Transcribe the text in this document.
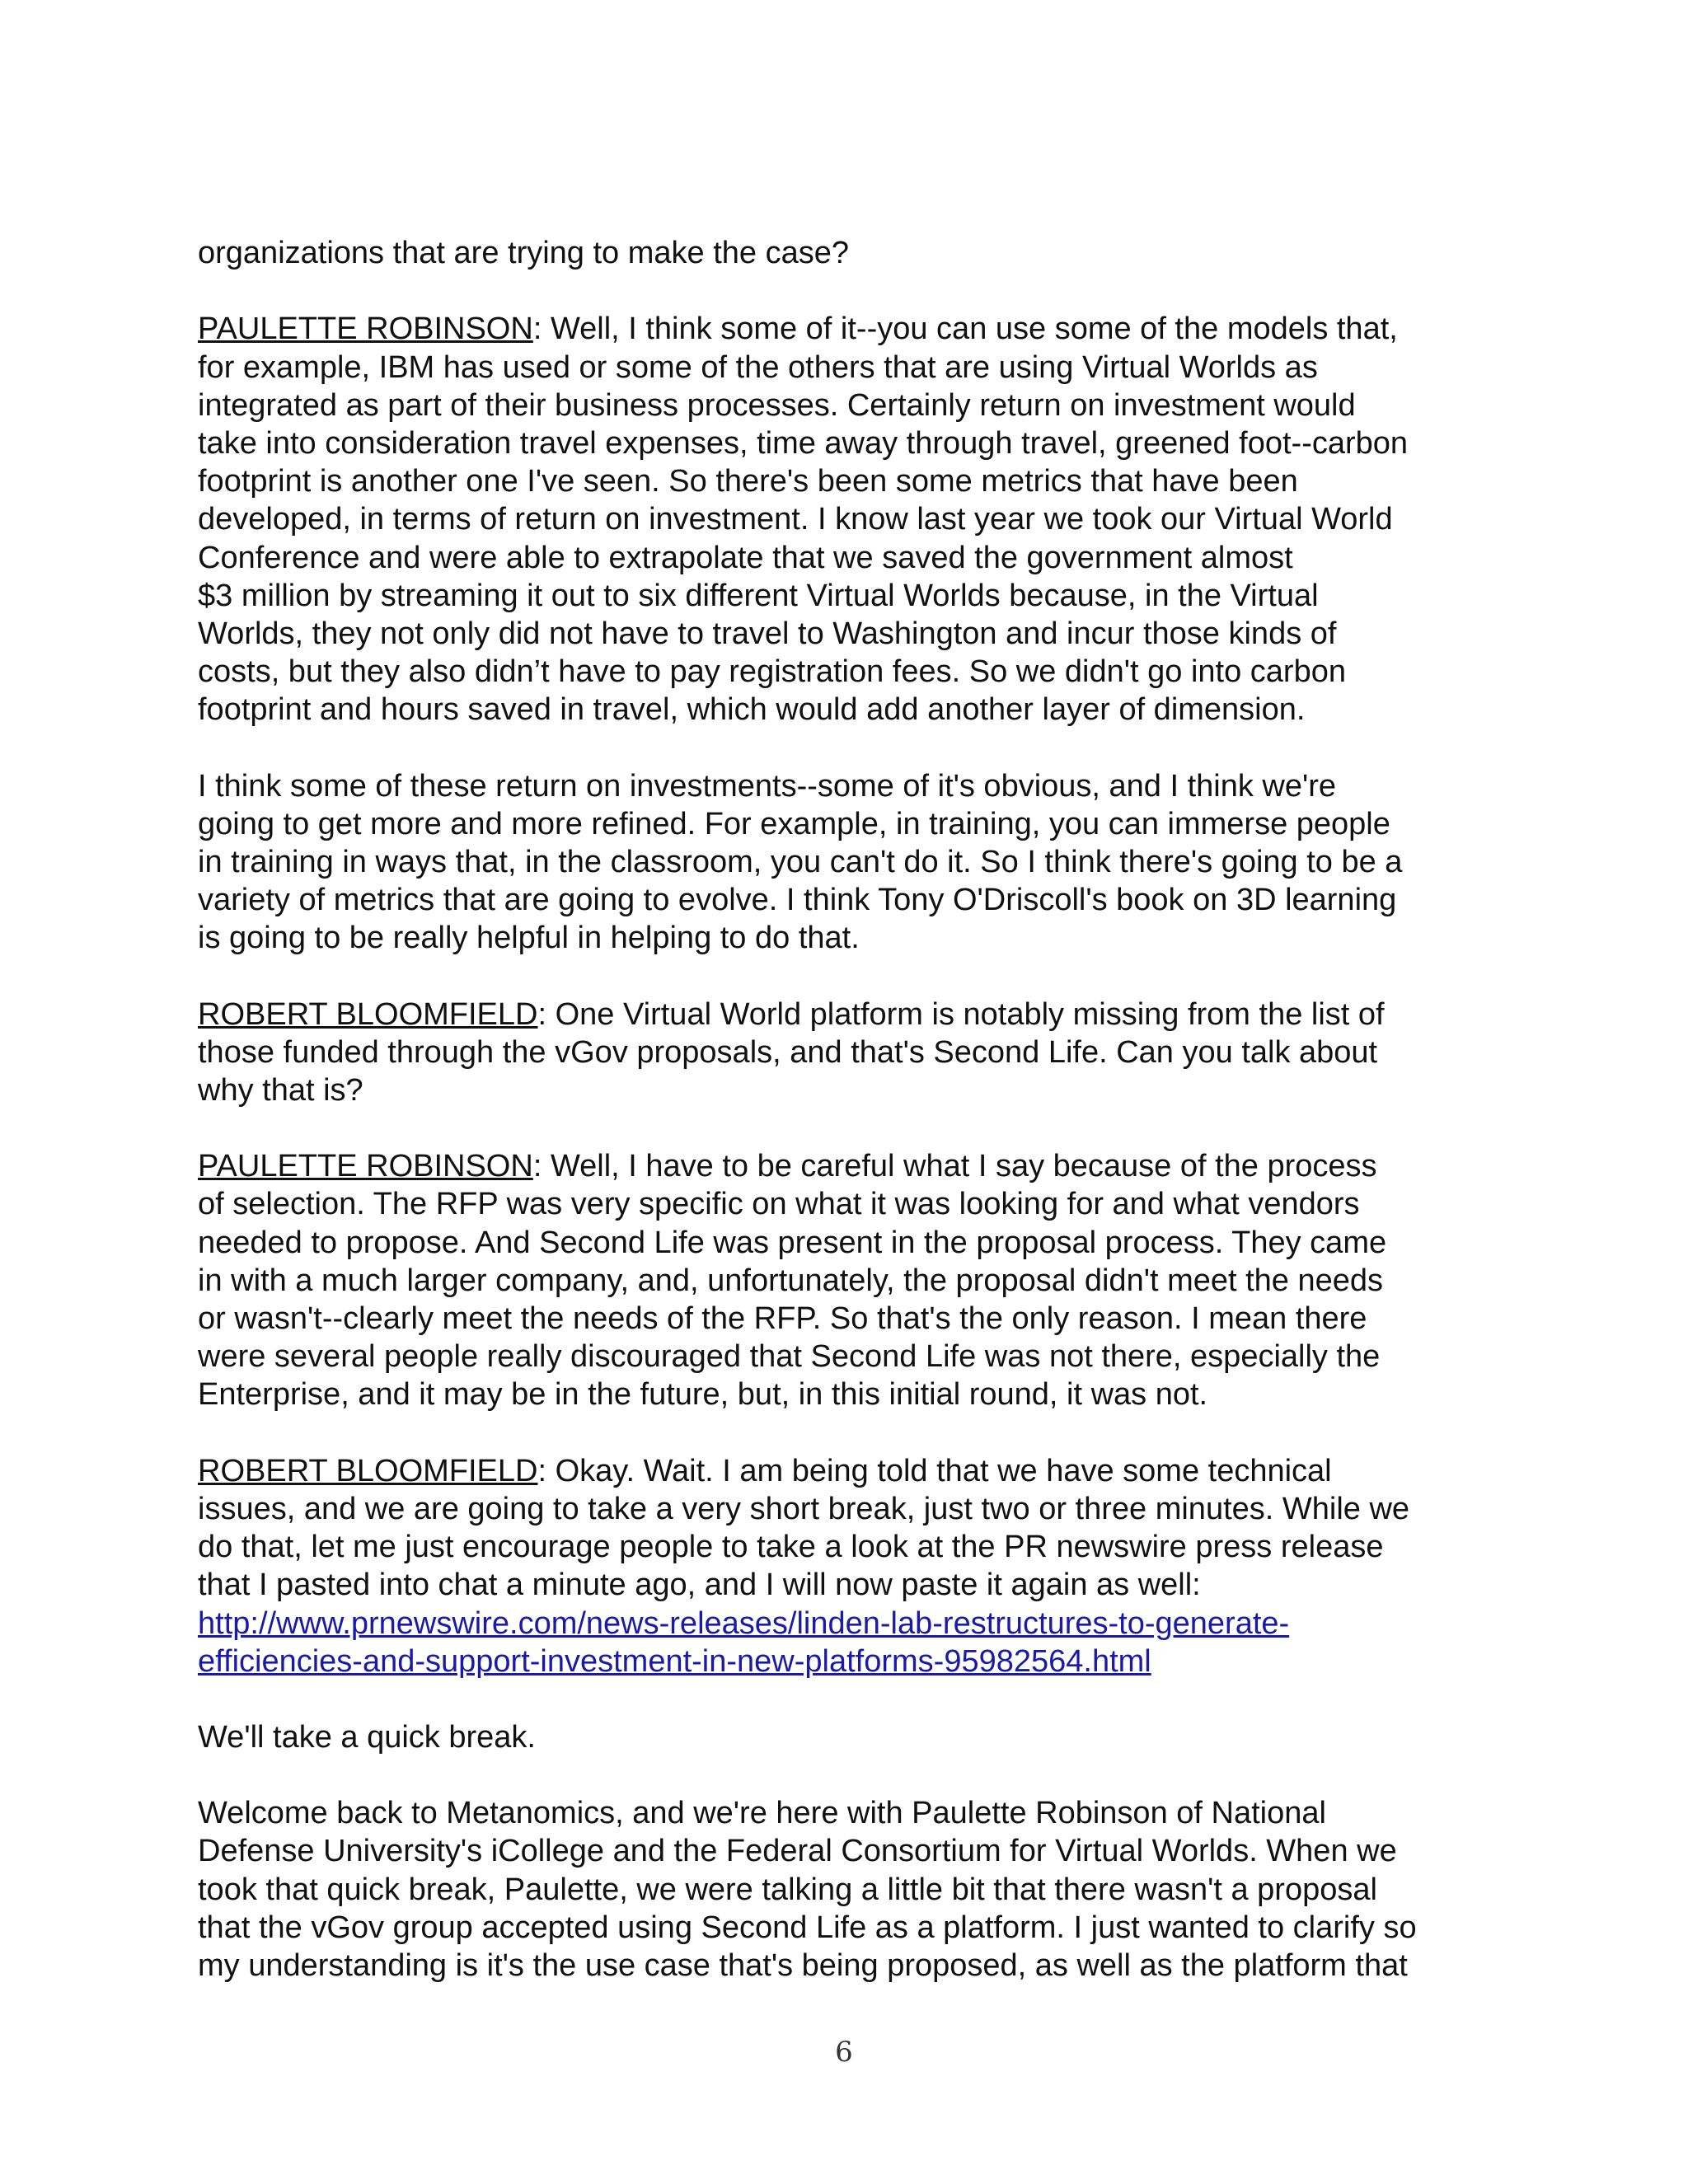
organizations that are trying to make the case?

PAULETTE ROBINSON: Well, I think some of it--you can use some of the models that,
for example, IBM has used or some of the others that are using Virtual Worlds as
integrated as part of their business processes. Certainly return on investment would
take into consideration travel expenses, time away through travel, greened foot--carbon
footprint is another one I've seen. So there's been some metrics that have been
developed, in terms of return on investment. I know last year we took our Virtual World
Conference and were able to extrapolate that we saved the government almost
$3 million by streaming it out to six different Virtual Worlds because, in the Virtual
Worlds, they not only did not have to travel to Washington and incur those kinds of
costs, but they also didn’t have to pay registration fees. So we didn't go into carbon
footprint and hours saved in travel, which would add another layer of dimension.

I think some of these return on investments--some of it's obvious, and I think we're
going to get more and more refined. For example, in training, you can immerse people
in training in ways that, in the classroom, you can't do it. So I think there's going to be a
variety of metrics that are going to evolve. I think Tony O'Driscoll's book on 3D learning
is going to be really helpful in helping to do that.

ROBERT BLOOMFIELD: One Virtual World platform is notably missing from the list of
those funded through the vGov proposals, and that's Second Life. Can you talk about
why that is?

PAULETTE ROBINSON: Well, I have to be careful what I say because of the process
of selection. The RFP was very specific on what it was looking for and what vendors
needed to propose. And Second Life was present in the proposal process. They came
in with a much larger company, and, unfortunately, the proposal didn't meet the needs
or wasn't--clearly meet the needs of the RFP. So that's the only reason. I mean there
were several people really discouraged that Second Life was not there, especially the
Enterprise, and it may be in the future, but, in this initial round, it was not.

ROBERT BLOOMFIELD: Okay. Wait. I am being told that we have some technical
issues, and we are going to take a very short break, just two or three minutes. While we
do that, let me just encourage people to take a look at the PR newswire press release
that I pasted into chat a minute ago, and I will now paste it again as well:
http://www.prnewswire.com/news-releases/linden-lab-restructures-to-generate-
efficiencies-and-support-investment-in-new-platforms-95982564.html

We'll take a quick break.

Welcome back to Metanomics, and we're here with Paulette Robinson of National
Defense University's iCollege and the Federal Consortium for Virtual Worlds. When we
took that quick break, Paulette, we were talking a little bit that there wasn't a proposal
that the vGov group accepted using Second Life as a platform. I just wanted to clarify so
my understanding is it's the use case that's being proposed, as well as the platform that

6
